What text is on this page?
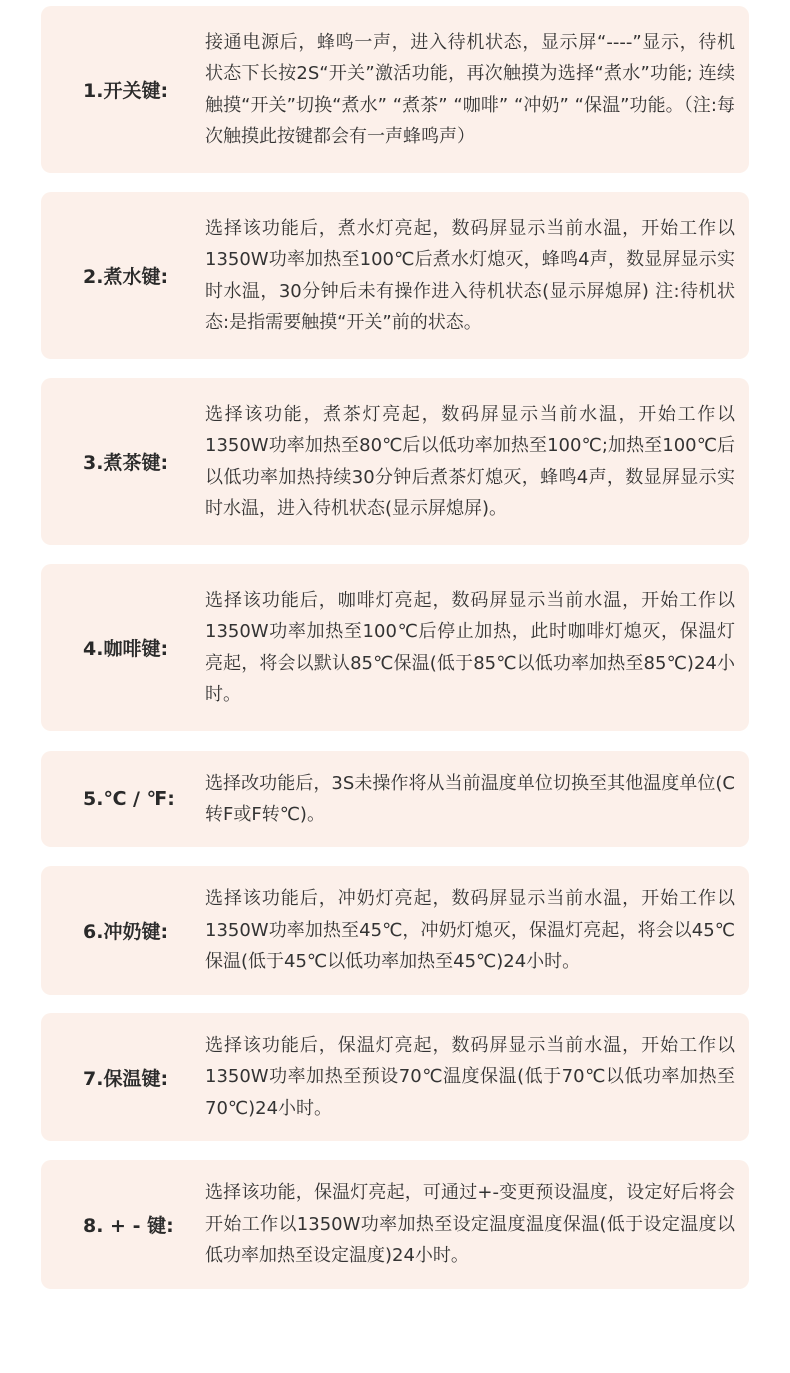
1.开关键:
接通电源后，蜂鸣一声，进入待机状态，显示屏“----”显示，待机状态下长按2S“开关”激活功能，再次触摸为选择“煮水”功能; 连续触摸“开关”切换“煮水” “煮茶” “咖啡” “冲奶” “保温”功能。（注:每次触摸此按键都会有一声蜂鸣声）
2.煮水键:
选择该功能后，煮水灯亮起，数码屏显示当前水温，开始工作以1350W功率加热至100℃后煮水灯熄灭，蜂鸣4声，数显屏显示实时水温，30分钟后未有操作进入待机状态(显示屏熄屏) 注:待机状态:是指需要触摸“开关”前的状态。
3.煮茶键:
选择该功能，煮茶灯亮起，数码屏显示当前水温，开始工作以1350W功率加热至80℃后以低功率加热至100℃;加热至100℃后以低功率加热持续30分钟后煮茶灯熄灭，蜂鸣4声，数显屏显示实时水温，进入待机状态(显示屏熄屏)。
4.咖啡键:
选择该功能后，咖啡灯亮起，数码屏显示当前水温，开始工作以1350W功率加热至100℃后停止加热，此时咖啡灯熄灭，保温灯亮起，将会以默认85℃保温(低于85℃以低功率加热至85℃)24小时。
5.℃ / ℉:
选择改功能后，3S未操作将从当前温度单位切换至其他温度单位(C转F或F转℃)。
6.冲奶键:
选择该功能后，冲奶灯亮起，数码屏显示当前水温，开始工作以1350W功率加热至45℃，冲奶灯熄灭，保温灯亮起，将会以45℃保温(低于45℃以低功率加热至45℃)24小时。
7.保温键:
选择该功能后，保温灯亮起，数码屏显示当前水温，开始工作以1350W功率加热至预设70℃温度保温(低于70℃以低功率加热至70℃)24小时。
8. + - 键:
选择该功能，保温灯亮起，可通过+-变更预设温度，设定好后将会开始工作以1350W功率加热至设定温度温度保温(低于设定温度以低功率加热至设定温度)24小时。
